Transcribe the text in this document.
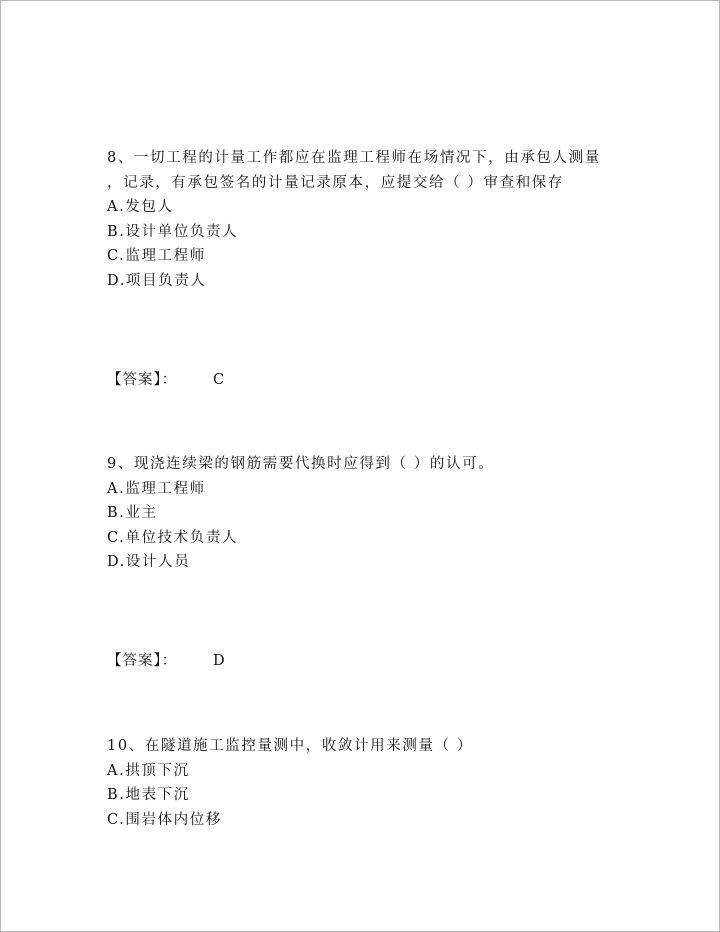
8、一切工程的计量工作都应在监理工程师在场情况下，由承包人测量
，记录，有承包签名的计量记录原本，应提交给（ ）审查和保存
A.发包人
B.设计单位负责人
C.监理工程师
D.项目负责人
【答案】： C
9、现浇连续梁的钢筋需要代换时应得到（ ）的认可。
A.监理工程师
B.业主
C.单位技术负责人
D.设计人员
【答案】： D
10、在隧道施工监控量测中，收敛计用来测量（ ）
A.拱顶下沉
B.地表下沉
C.围岩体内位移
